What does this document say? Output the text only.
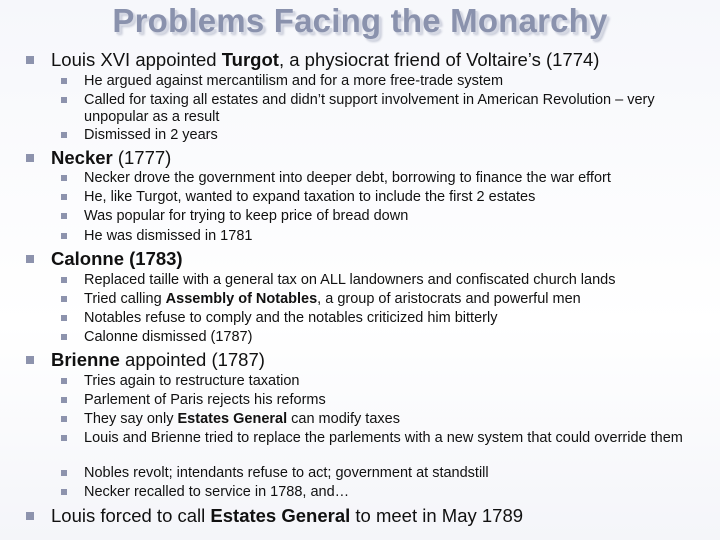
Problems Facing the Monarchy
Louis XVI appointed Turgot, a physiocrat friend of Voltaire’s (1774)
He argued against mercantilism and for a more free-trade system
Called for taxing all estates and didn’t support involvement in American Revolution – very unpopular as a result
Dismissed in 2 years
Necker (1777)
Necker drove the government into deeper debt, borrowing to finance the war effort
He, like Turgot, wanted to expand taxation to include the first 2 estates
Was popular for trying to keep price of bread down
He was dismissed in 1781
Calonne (1783)
Replaced taille with a general tax on ALL landowners and confiscated church lands
Tried calling Assembly of Notables, a group of aristocrats and powerful men
Notables refuse to comply and the notables criticized him bitterly
Calonne dismissed (1787)
Brienne appointed (1787)
Tries again to restructure taxation
Parlement of Paris rejects his reforms
They say only Estates General can modify taxes
Louis and Brienne tried to replace the parlements with a new system that could override them
Nobles revolt; intendants refuse to act; government at standstill
Necker recalled to service in 1788, and…
Louis forced to call Estates General to meet in May 1789
